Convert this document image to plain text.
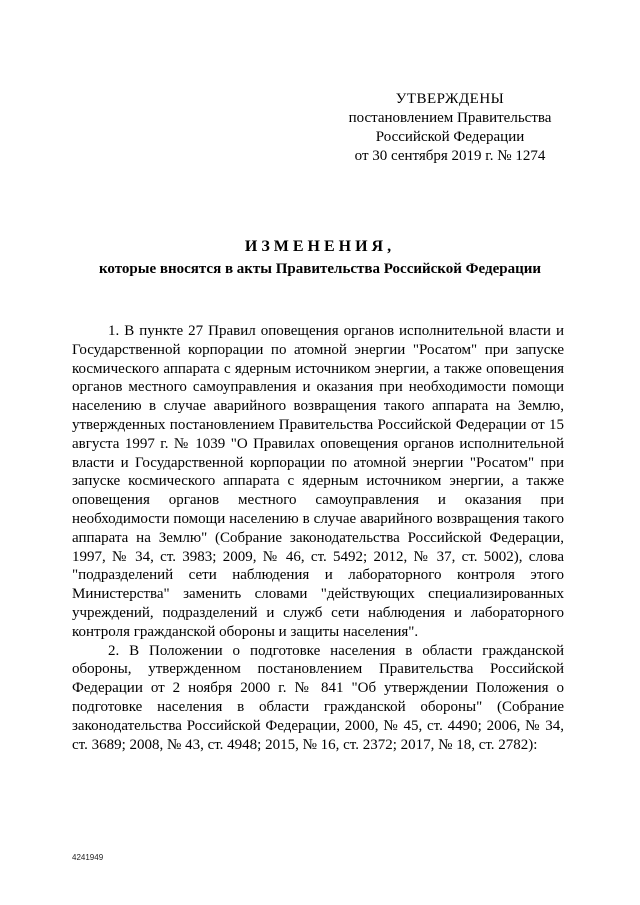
УТВЕРЖДЕНЫ
постановлением Правительства
Российской Федерации
от 30 сентября 2019 г. № 1274
ИЗМЕНЕНИЯ,
которые вносятся в акты Правительства Российской Федерации

1. В пункте 27 Правил оповещения органов исполнительной власти и Государственной корпорации по атомной энергии "Росатом" при запуске космического аппарата с ядерным источником энергии, а также оповещения органов местного самоуправления и оказания при необходимости помощи населению в случае аварийного возвращения такого аппарата на Землю, утвержденных постановлением Правительства Российской Федерации от 15 августа 1997 г. № 1039 "О Правилах оповещения органов исполнительной власти и Государственной корпорации по атомной энергии "Росатом" при запуске космического аппарата с ядерным источником энергии, а также оповещения органов местного самоуправления и оказания при необходимости помощи населению в случае аварийного возвращения такого аппарата на Землю" (Собрание законодательства Российской Федерации, 1997, № 34, ст. 3983; 2009, № 46, ст. 5492; 2012, № 37, ст. 5002), слова "подразделений сети наблюдения и лабораторного контроля этого Министерства" заменить словами "действующих специализированных учреждений, подразделений и служб сети наблюдения и лабораторного контроля гражданской обороны и защиты населения".

2. В Положении о подготовке населения в области гражданской обороны, утвержденном постановлением Правительства Российской Федерации от 2 ноября 2000 г. № 841 "Об утверждении Положения о подготовке населения в области гражданской обороны" (Собрание законодательства Российской Федерации, 2000, № 45, ст. 4490; 2006, № 34, ст. 3689; 2008, № 43, ст. 4948; 2015, № 16, ст. 2372; 2017, № 18, ст. 2782):

4241949
